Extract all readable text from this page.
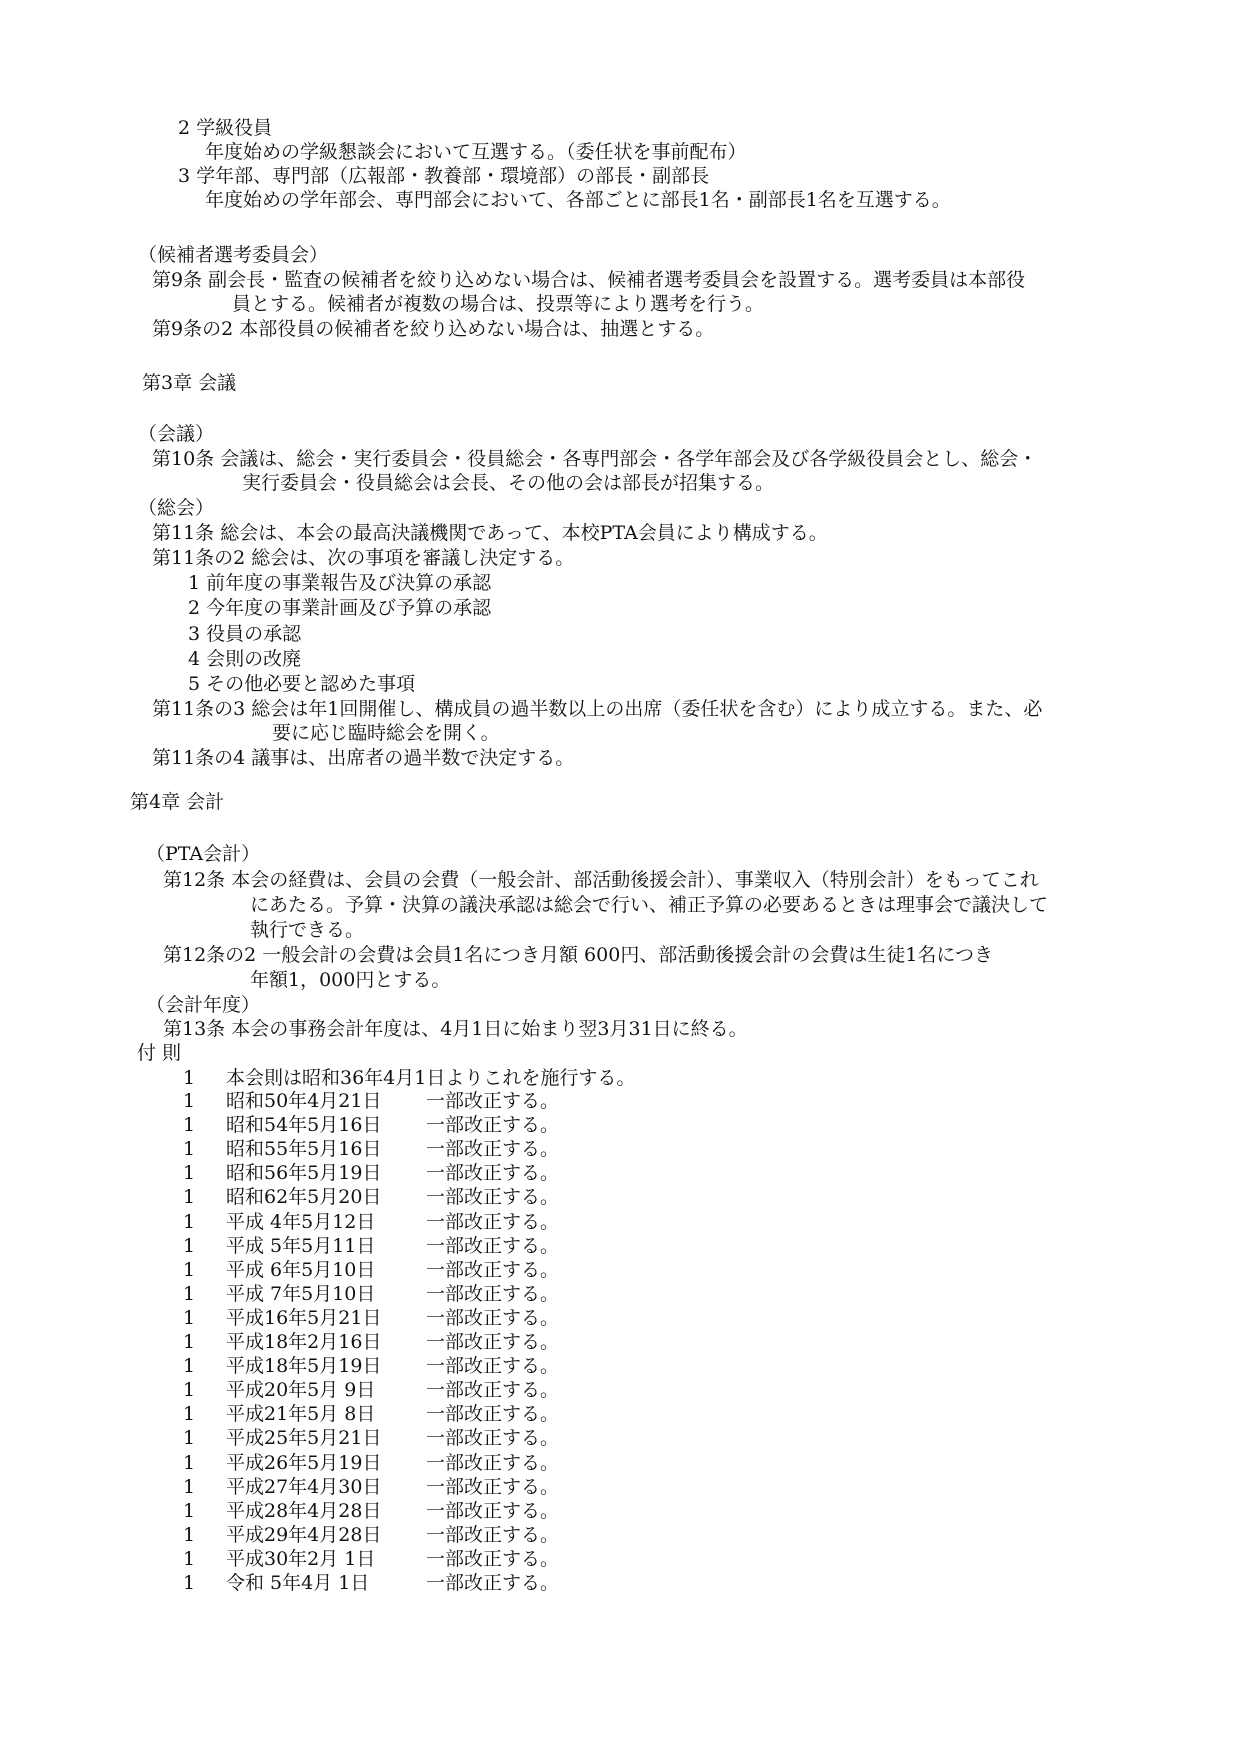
2 学級役員
年度始めの学級懇談会において互選する。（委任状を事前配布）
3 学年部、専門部（広報部・教養部・環境部）の部長・副部長
年度始めの学年部会、専門部会において、各部ごとに部長1名・副部長1名を互選する。
（候補者選考委員会）
第9条 副会長・監査の候補者を絞り込めない場合は、候補者選考委員会を設置する。選考委員は本部役
員とする。候補者が複数の場合は、投票等により選考を行う。
第9条の2 本部役員の候補者を絞り込めない場合は、抽選とする。
第3章 会議
（会議）
第10条 会議は、総会・実行委員会・役員総会・各専門部会・各学年部会及び各学級役員会とし、総会・
実行委員会・役員総会は会長、その他の会は部長が招集する。
（総会）
第11条 総会は、本会の最高決議機関であって、本校PTA会員により構成する。
第11条の2 総会は、次の事項を審議し決定する。
1 前年度の事業報告及び決算の承認
2 今年度の事業計画及び予算の承認
3 役員の承認
4 会則の改廃
5 その他必要と認めた事項
第11条の3 総会は年1回開催し、構成員の過半数以上の出席（委任状を含む）により成立する。また、必
要に応じ臨時総会を開く。
第11条の4 議事は、出席者の過半数で決定する。
第4章 会計
（PTA会計）
第12条 本会の経費は、会員の会費（一般会計、部活動後援会計）、事業収入（特別会計）をもってこれ
にあたる。予算・決算の議決承認は総会で行い、補正予算の必要あるときは理事会で議決して
執行できる。
第12条の2 一般会計の会費は会員1名につき月額 600円、部活動後援会計の会費は生徒1名につき
年額1，000円とする。
（会計年度）
第13条 本会の事務会計年度は、4月1日に始まり翌3月31日に終る。
付 則
1 本会則は昭和36年4月1日よりこれを施行する。
1 昭和50年4月21日 一部改正する。
1 昭和54年5月16日 一部改正する。
1 昭和55年5月16日 一部改正する。
1 昭和56年5月19日 一部改正する。
1 昭和62年5月20日 一部改正する。
1 平成 4年5月12日	一部改正する。
1 平成 5年5月11日	一部改正する。
1 平成 6年5月10日	一部改正する。
1 平成 7年5月10日	一部改正する。
1 平成16年5月21日 一部改正する。
1 平成18年2月16日 一部改正する。
1 平成18年5月19日 一部改正する。
1 平成20年5月 9日	一部改正する。
1 平成21年5月 8日	一部改正する。
1 平成25年5月21日 一部改正する。
1 平成26年5月19日 一部改正する。
1 平成27年4月30日 一部改正する。
1 平成28年4月28日 一部改正する。
1 平成29年4月28日 一部改正する。
1 平成30年2月 1日	一部改正する。
1 令和 5年4月 1日	一部改正する。
